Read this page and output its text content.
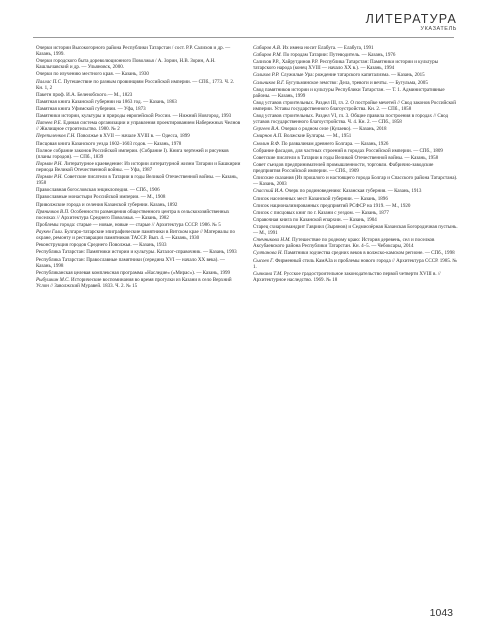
ЛИТЕРАТУРА
УКАЗАТЕЛЬ
Очерки истории Высокогорного района Республики Татарстан / сост. Р.Р. Салихов и др. — Казань, 1999.
Очерки городского быта дореволюционного Поволжья / А. Зорин, Н.В. Зорин, А.Н. Кашлычавский и др. — Ульяновск, 2000.
Очерки по изучению местного края. — Казань, 1930
Паллас П.С. Путешествие по разным провинциям Российской империи. — СПб., 1773. Ч. 2. Кн. 1, 2
Пакетн проф. И.А. Беленобского.— М., 1823
Памятная книга Казанской губернии на 1863 год. — Казань, 1863
Памятная книга Уфимской губернии. — Уфа, 1873
Памятники истории, культуры и природы европейской России. — Нижний Новгород, 1993
Патеев Р.Е. Единая система организации и управления проектированием Набережных Челнов // Жилищное строительство. 1980. № 2
Перепиленков Г.Н. Поволжье в XVII — начале XVIII в. — Одесса, 1899
Писцовая книга Казанского уезда 1602–1603 годов. — Казань, 1978
Полное собрание законов Российской империи. (Собрание I). Книга чертежей и рисунков (планы городов). — СПб., 1839
Порман Р.Н. Литературное краеведение: Из истории литературной жизни Татарии и Башкирии периода Великой Отечественной войны. — Уфа, 1987
Порман Р.Н. Советские писатели в Татарии в годы Великой Отечественной войны. — Казань, 1958
Православная богословская энциклопедия. — СПб., 1906
Православные монастыри Российской империи. — М., 1908
Приволжские города и селения Казанской губернии. Казань, 1892
Пряничков В.П. Особенности размещения общественного центра в сельскохозяйственных поселках // Архитектура Среднего Поволжья. — Казань, 1982
Проблемы города: старые — новые, новые — старые // Архитектура СССР. 1986. № 5
Раукен Гали. Булгаро-татарские эпиграфические памятники в Витском крае // Материалы по охране, ремонту и реставрации памятников ТАССР. Вып. 4. — Казань, 1930
Реконструкция городов Среднего Поволжья. — Казань, 1933
Республика Татарстан: Памятники истории и культуры. Каталог-справочник. — Казань, 1993
Республика Татарстан: Православные памятники (середина XVI — начало XX века). — Казань, 1998
Республиканская целевая комплексная программа «Наследие» («Мирас»). — Казань, 1999
Рыбушкин М.С. Исторические воспоминания во время прогулки из Казани в село Верхний Услон // Заволжский Муравей. 1833. Ч. 2. № 15
Сабиров А.В. Их имена носит Елабуга. — Елабуга, 1991
Сабиров Р.М. По городам Татарии: Путеводитель. — Казань, 1976
Салихов Р.Р., Хайрутдинов Р.Р. Республика Татарстан: Памятники истории и культуры татарского народа (конец XVIII — начало XX в.). — Казань, 1994
Салихов Р.Р. Служилые Ура: рождение татарского капитализма. — Казань, 2015
Сальников В.Г. Бугульминское земство: Дела, тревоги и вечты. — Бугульма, 2005
Свод памятников истории и культуры Республики Татарстан. — Т. 1. Административные районы. — Казань, 1999
Свод уставов строительных. Раздел III, гл. 2. О постройке мечетей // Свод законов Российской империи. Уставы государственного благоустройства. Кн. 2. — СПб., 1858
Свод уставов строительных. Раздел VI, гл. 3. Общие правила построения в городах // Свод уставов государственного благоустройства. Ч. 4. Кн. 2. — СПб., 1858
Сергеев В.А. Очерки о родном селе (Кулаево). — Казань, 2018
Смирнов А.П. Волжские Булгары. — М., 1951
Смолин В.Ф. По развалинам древнего Болгара. — Казань, 1926
Собрание фасадов, для частных строений в городах Российской империи. — СПб., 1809
Советские писатели в Татарии в годы Великой Отечественной войны. — Казань, 1958
Совет съездов предпринимателей промышленности, торговли. Фабрично-заводские предприятия Российской империи. — СПб., 1909
Списские сказания (Из прошлого и настоящего города Болгар и Спасского района Татарстана). — Казань, 2003
Спасский И.А. Очерк по родиноведению: Казанская губерния. — Казань, 1913
Список населенных мест Казанской губернии. — Казань, 1896
Список национализированных предприятий РСФСР на 1919. — М., 1920
Список с писцовых книг по г. Казани с уездом. — Казань, 1877
Справочная книга по Казанской епархии. — Казань, 1904
Старец схиархимандрит Гавриил (Зырянов) и Седмиозёрная Казанская Богородичная пустынь. — М., 1991
Стечникова Н.М. Путешествие по родному краю: История деревень, сел и поселков Аксубаевского района Республики Татарстан. Кн. 4–5. — Чебоксары, 2014
Султанова Н. Памятники зодчества средних веков в волжско-камском регионе. — СПб., 1998
Сысоев Г. Фирменный стиль КамАЗа и проблемы нового города // Архитектура СССР. 1985. № 1.
Сычкина Т.М. Русское градостроительное законодательство первой четверти XVIII в. // Архитектурное наследство. 1969. № 18
1043
